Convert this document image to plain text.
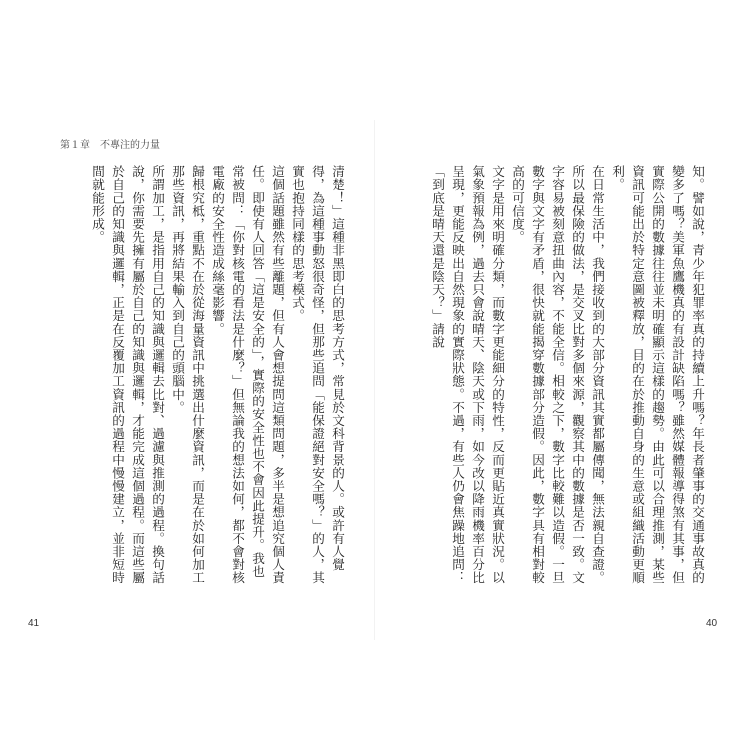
第１章 不專注的力量

清楚！」這種非黑即白的思考方式，常見於文科背景的人。或許有人覺得，為這種事動怒很奇怪，但那些追問「能保證絕對安全嗎？」的人，其實也抱持同樣的思考模式。

這個話題雖然有些離題，但有人會想提問這類問題，多半是想追究個人責任。即使有人回答「這是安全的」，實際的安全性也不會因此提升。我也常被問：「你對核電的看法是什麼？」但無論我的想法如何，都不會對核電廠的安全性造成絲毫影響。

歸根究柢，重點不在於從海量資訊中挑選出什麼資訊，而是在於如何加工那些資訊，再將結果輸入到自己的頭腦中。

所謂加工，是指用自己的知識與邏輯去比對、過濾與推測的過程。換句話說，你需要先擁有屬於自己的知識與邏輯，才能完成這個過程。而這些屬於自己的知識與邏輯，正是在反覆加工資訊的過程中慢慢建立，並非短時間就能形成。

41

知。譬如說，青少年犯罪率真的持續上升嗎？年長者肇事的交通事故真的變多了嗎？美軍魚鷹機真的有設計缺陷嗎？雖然媒體報導得煞有其事，但實際公開的數據往往並未明確顯示這樣的趨勢。由此可以合理推測，某些資訊可能出於特定意圖被釋放，目的在於推動自身的生意或組織活動更順利。

在日常生活中，我們接收到的大部分資訊其實都屬傳聞，無法親自查證。所以最保險的做法，是交叉比對多個來源，觀察其中的數據是否一致。文字容易被刻意扭曲內容，不能全信。相較之下，數字比較難以造假。一旦數字與文字有矛盾，很快就能揭穿數據部分造假。因此，數字具有相對較高的可信度。

文字是用來明確分類，而數字更能細分的特性，反而更貼近真實狀況。以氣象預報為例，過去只會說晴天、陰天或下雨，如今改以降雨機率百分比呈現，更能反映出自然現象的實際狀態。不過，有些人仍會焦躁地追問：「到底是晴天還是陰天？」請說

40
